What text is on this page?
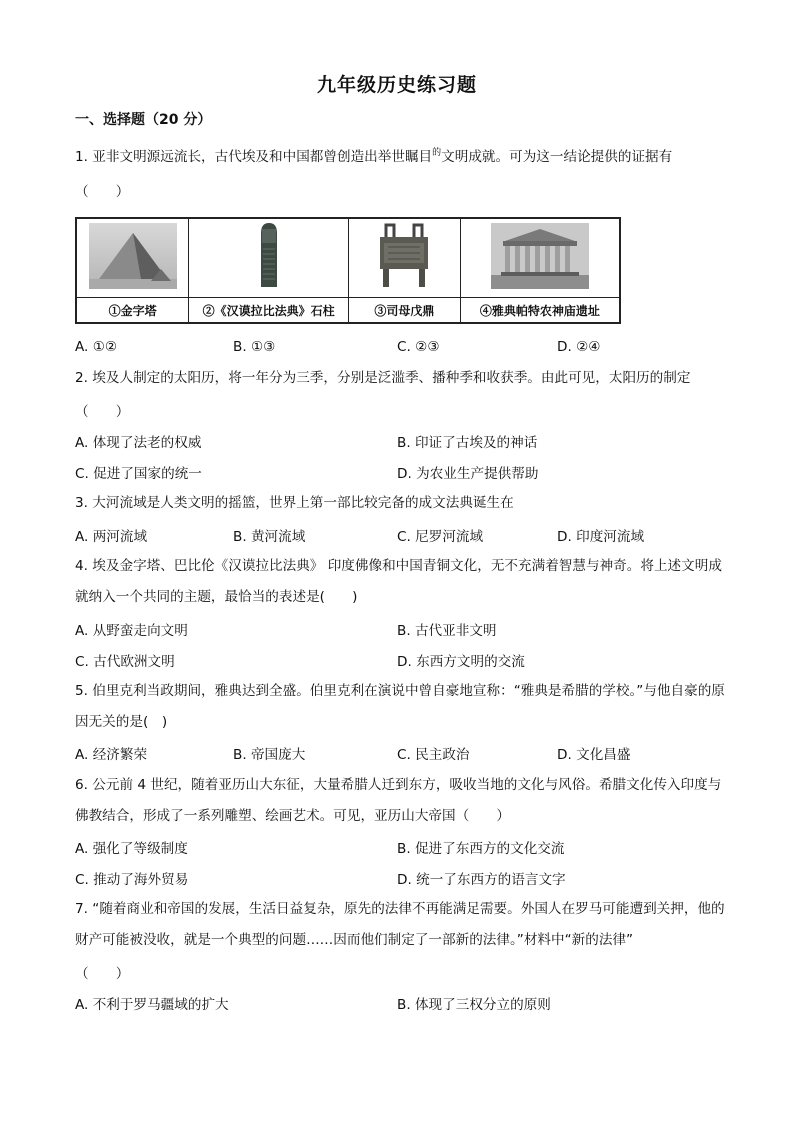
九年级历史练习题
一、选择题（20 分）
1. 亚非文明源远流长，古代埃及和中国都曾创造出举世瞩目$^的$文明成就。可为这一结论提供的证据有
（　　）

①金字塔	②《汉谟拉比法典》石柱	③司母戊鼎	④雅典帕特农神庙遗址
A. ①②	B. ①③	C. ②③	D. ②④
2. 埃及人制定的太阳历，将一年分为三季，分别是泛滥季、播种季和收获季。由此可见，太阳历的制定
（　　）
A. 体现了法老的权威	B. 印证了古埃及的神话
C. 促进了国家的统一	D. 为农业生产提供帮助
3. 大河流域是人类文明的摇篮，世界上第一部比较完备的成文法典诞生在
A. 两河流域	B. 黄河流域	C. 尼罗河流域	D. 印度河流域
4. 埃及金字塔、巴比伦《汉谟拉比法典》 印度佛像和中国青铜文化，无不充满着智慧与神奇。将上述文明成就纳入一个共同的主题，最恰当的表述是(　　)
A. 从野蛮走向文明	B. 古代亚非文明
C. 古代欧洲文明	D. 东西方文明的交流
5. 伯里克利当政期间，雅典达到全盛。伯里克利在演说中曾自豪地宣称：“雅典是希腊的学校。”与他自豪的原因无关的是(　)
A. 经济繁荣	B. 帝国庞大	C. 民主政治	D. 文化昌盛
6. 公元前 4 世纪，随着亚历山大东征，大量希腊人迁到东方，吸收当地的文化与风俗。希腊文化传入印度与佛教结合，形成了一系列雕塑、绘画艺术。可见，亚历山大帝国（　　）
A. 强化了等级制度	B. 促进了东西方的文化交流
C. 推动了海外贸易	D. 统一了东西方的语言文字
7. “随着商业和帝国的发展，生活日益复杂，原先的法律不再能满足需要。外国人在罗马可能遭到关押，他的财产可能被没收，就是一个典型的问题……因而他们制定了一部新的法律。”材料中“新的法律”
（　　）
A. 不利于罗马疆域的扩大	B. 体现了三权分立的原则
